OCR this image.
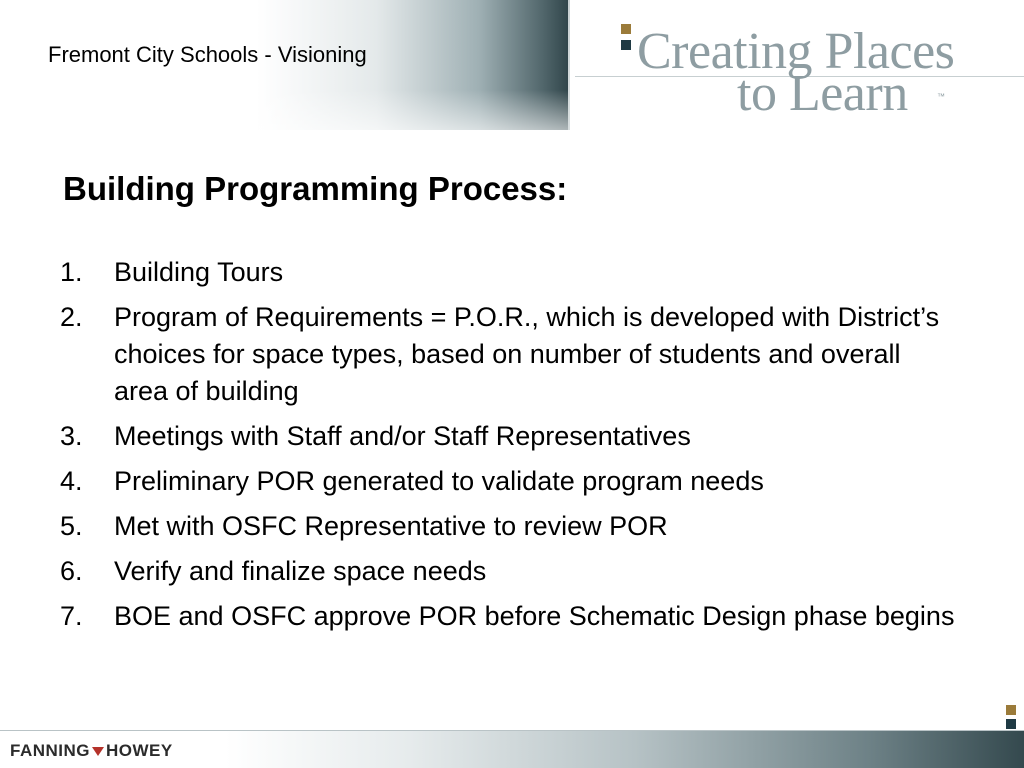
Fremont City Schools - Visioning	Creating Places
to Learn	™
Building Programming Process:
1. Building Tours
2. Program of Requirements = P.O.R., which is developed with District’s choices for space types, based on number of students and overall area of building
3. Meetings with Staff and/or Staff Representatives
4. Preliminary POR generated to validate program needs
5. Met with OSFC Representative to review POR
6. Verify and finalize space needs
7. BOE and OSFC approve POR before Schematic Design phase begins
FANNING HOWEY
